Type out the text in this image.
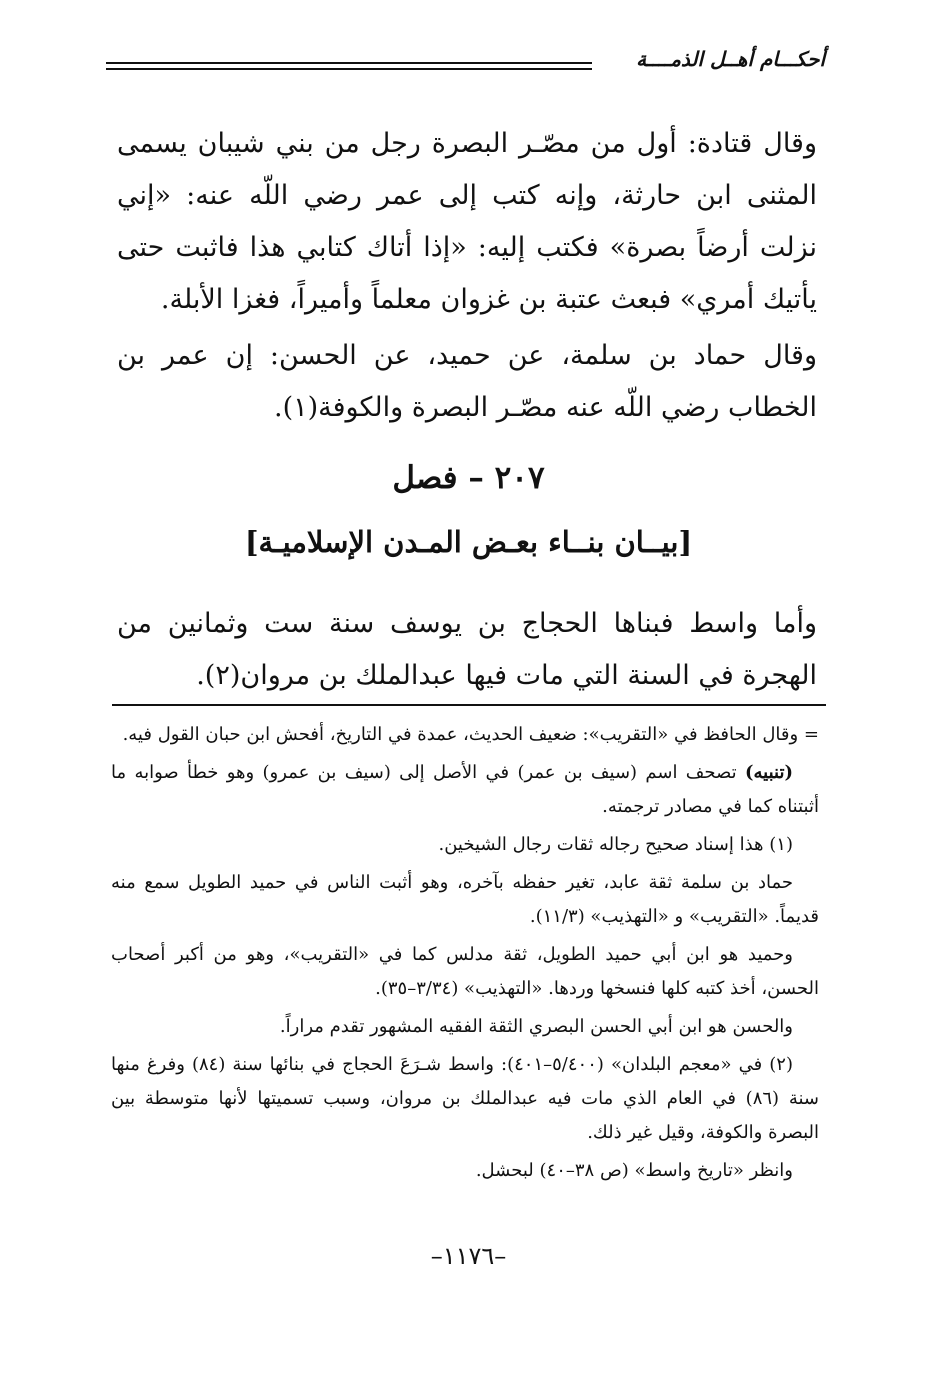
أحكـــام أهــل الذمــــة

وقال قتادة: أول من مصّـر البصرة رجل من بني شيبان يسمى المثنى ابن حارثة، وإنه كتب إلى عمر رضي اللّه عنه: «إني نزلت أرضاً بصرة» فكتب إليه: «إذا أتاك كتابي هذا فاثبت حتى يأتيك أمري» فبعث عتبة بن غزوان معلماً وأميراً، فغزا الأبلة.

وقال حماد بن سلمة، عن حميد، عن الحسن: إن عمر بن الخطاب رضي اللّه عنه مصّـر البصرة والكوفة(١).

٢٠٧ – فصل
[بيــان بنــاء بعـض المـدن الإسلاميـة]

وأما واسط فبناها الحجاج بن يوسف سنة ست وثمانين من الهجرة في السنة التي مات فيها عبدالملك بن مروان(٢).

= وقال الحافظ في «التقريب»: ضعيف الحديث، عمدة في التاريخ، أفحش ابن حبان القول فيه.

(تنبيه) تصحف اسم (سيف بن عمر) في الأصل إلى (سيف بن عمرو) وهو خطأ صوابه ما أثبتناه كما في مصادر ترجمته.

(١) هذا إسناد صحيح رجاله ثقات رجال الشيخين.

حماد بن سلمة ثقة عابد، تغير حفظه بآخره، وهو أثبت الناس في حميد الطويل سمع منه قديماً. «التقريب» و «التهذيب» (١١/٣).

وحميد هو ابن أبي حميد الطويل، ثقة مدلس كما في «التقريب»، وهو من أكبر أصحاب الحسن، أخذ كتبه كلها فنسخها وردها. «التهذيب» (٣/٣٤–٣٥).

والحسن هو ابن أبي الحسن البصري الثقة الفقيه المشهور تقدم مراراً.

(٢) في «معجم البلدان» (٥/٤٠٠–٤٠١): واسط شـرَعَ الحجاج في بنائها سنة (٨٤) وفرغ منها سنة (٨٦) في العام الذي مات فيه عبدالملك بن مروان، وسبب تسميتها لأنها متوسطة بين البصرة والكوفة، وقيل غير ذلك.

وانظر «تاريخ واسط» (ص ٣٨–٤٠) لبحشل.

–١١٧٦–
